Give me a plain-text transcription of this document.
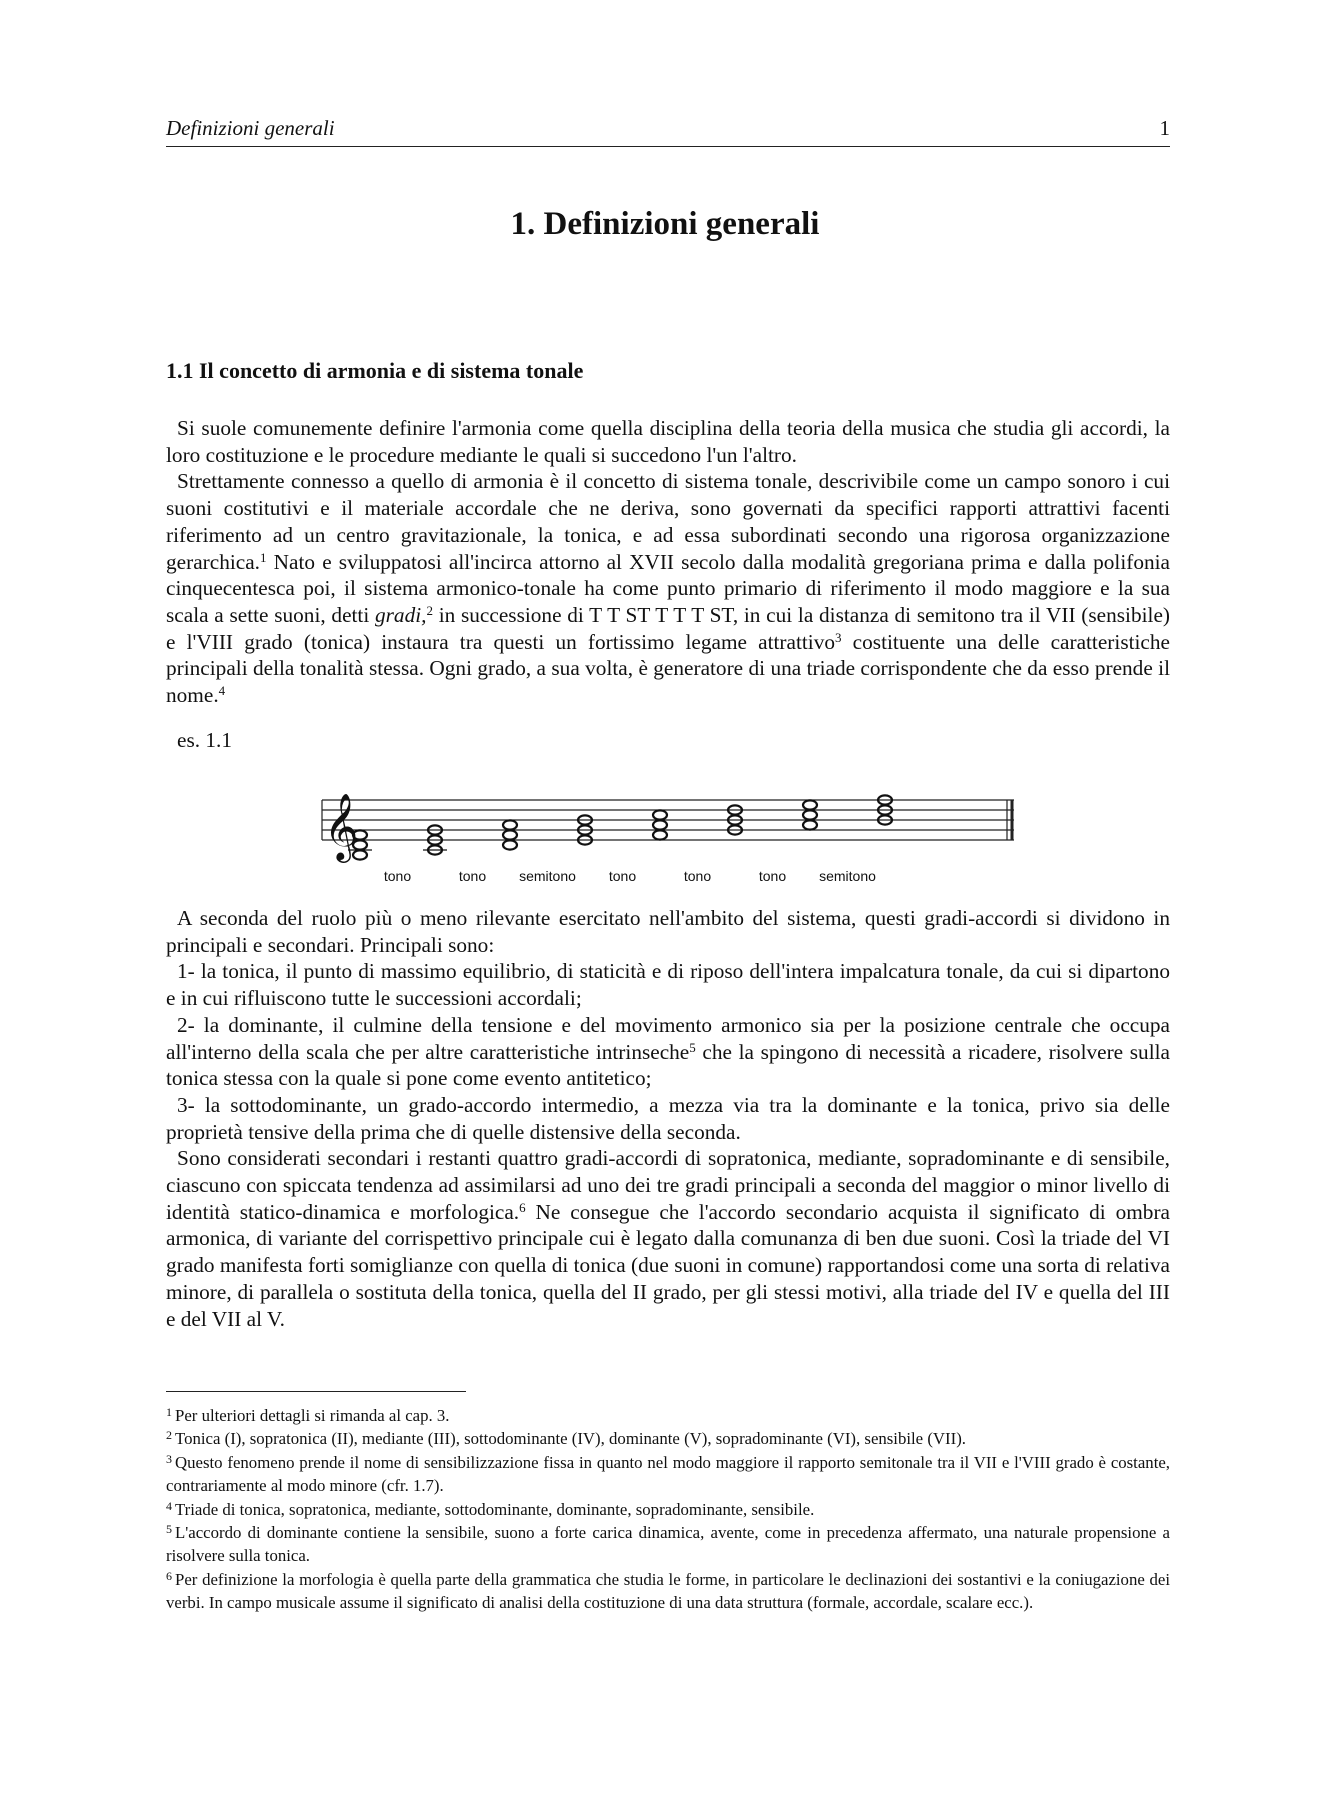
Definizioni generali	1
1. Definizioni generali
1.1 Il concetto di armonia e di sistema tonale

Si suole comunemente definire l'armonia come quella disciplina della teoria della musica che studia gli accordi, la loro costituzione e le procedure mediante le quali si succedono l'un l'altro.

Strettamente connesso a quello di armonia è il concetto di sistema tonale, descrivibile come un campo sonoro i cui suoni costitutivi e il materiale accordale che ne deriva, sono governati da specifici rapporti attrattivi facenti riferimento ad un centro gravitazionale, la tonica, e ad essa subordinati secondo una rigorosa organizzazione gerarchica.$^1$ Nato e sviluppatosi all'incirca attorno al XVII secolo dalla modalità gregoriana prima e dalla polifonia cinquecentesca poi, il sistema armonico-tonale ha come punto primario di riferimento il modo maggiore e la sua scala a sette suoni, detti gradi,$^2$ in successione di T T ST T T T ST, in cui la distanza di semitono tra il VII (sensibile) e l'VIII grado (tonica) instaura tra questi un fortissimo legame attrattivo$^3$ costituente una delle caratteristiche principali della tonalità stessa. Ogni grado, a sua volta, è generatore di una triade corrispondente che da esso prende il nome.$^4$

es. 1.1
𝄞
tono	tono semitono tono	tono	tono semitono

A seconda del ruolo più o meno rilevante esercitato nell'ambito del sistema, questi gradi-accordi si dividono in principali e secondari. Principali sono:

1- la tonica, il punto di massimo equilibrio, di staticità e di riposo dell'intera impalcatura tonale, da cui si dipartono e in cui rifluiscono tutte le successioni accordali;

2- la dominante, il culmine della tensione e del movimento armonico sia per la posizione centrale che occupa all'interno della scala che per altre caratteristiche intrinseche$^5$ che la spingono di necessità a ricadere, risolvere sulla tonica stessa con la quale si pone come evento antitetico;

3- la sottodominante, un grado-accordo intermedio, a mezza via tra la dominante e la tonica, privo sia delle proprietà tensive della prima che di quelle distensive della seconda.

Sono considerati secondari i restanti quattro gradi-accordi di sopratonica, mediante, sopradominante e di sensibile, ciascuno con spiccata tendenza ad assimilarsi ad uno dei tre gradi principali a seconda del maggior o minor livello di identità statico-dinamica e morfologica.$^6$ Ne consegue che l'accordo secondario acquista il significato di ombra armonica, di variante del corrispettivo principale cui è legato dalla comunanza di ben due suoni. Così la triade del VI grado manifesta forti somiglianze con quella di tonica (due suoni in comune) rapportandosi come una sorta di relativa minore, di parallela o sostituta della tonica, quella del II grado, per gli stessi motivi, alla triade del IV e quella del III e del VII al V.

$^1$ Per ulteriori dettagli si rimanda al cap. 3.

$^2$ Tonica (I), sopratonica (II), mediante (III), sottodominante (IV), dominante (V), sopradominante (VI), sensibile (VII).

$^3$ Questo fenomeno prende il nome di sensibilizzazione fissa in quanto nel modo maggiore il rapporto semitonale tra il VII e l'VIII grado è costante, contrariamente al modo minore (cfr. 1.7).

$^4$ Triade di tonica, sopratonica, mediante, sottodominante, dominante, sopradominante, sensibile.

$^5$ L'accordo di dominante contiene la sensibile, suono a forte carica dinamica, avente, come in precedenza affermato, una naturale propensione a risolvere sulla tonica.

$^6$ Per definizione la morfologia è quella parte della grammatica che studia le forme, in particolare le declinazioni dei sostantivi e la coniugazione dei verbi. In campo musicale assume il significato di analisi della costituzione di una data struttura (formale, accordale, scalare ecc.).
